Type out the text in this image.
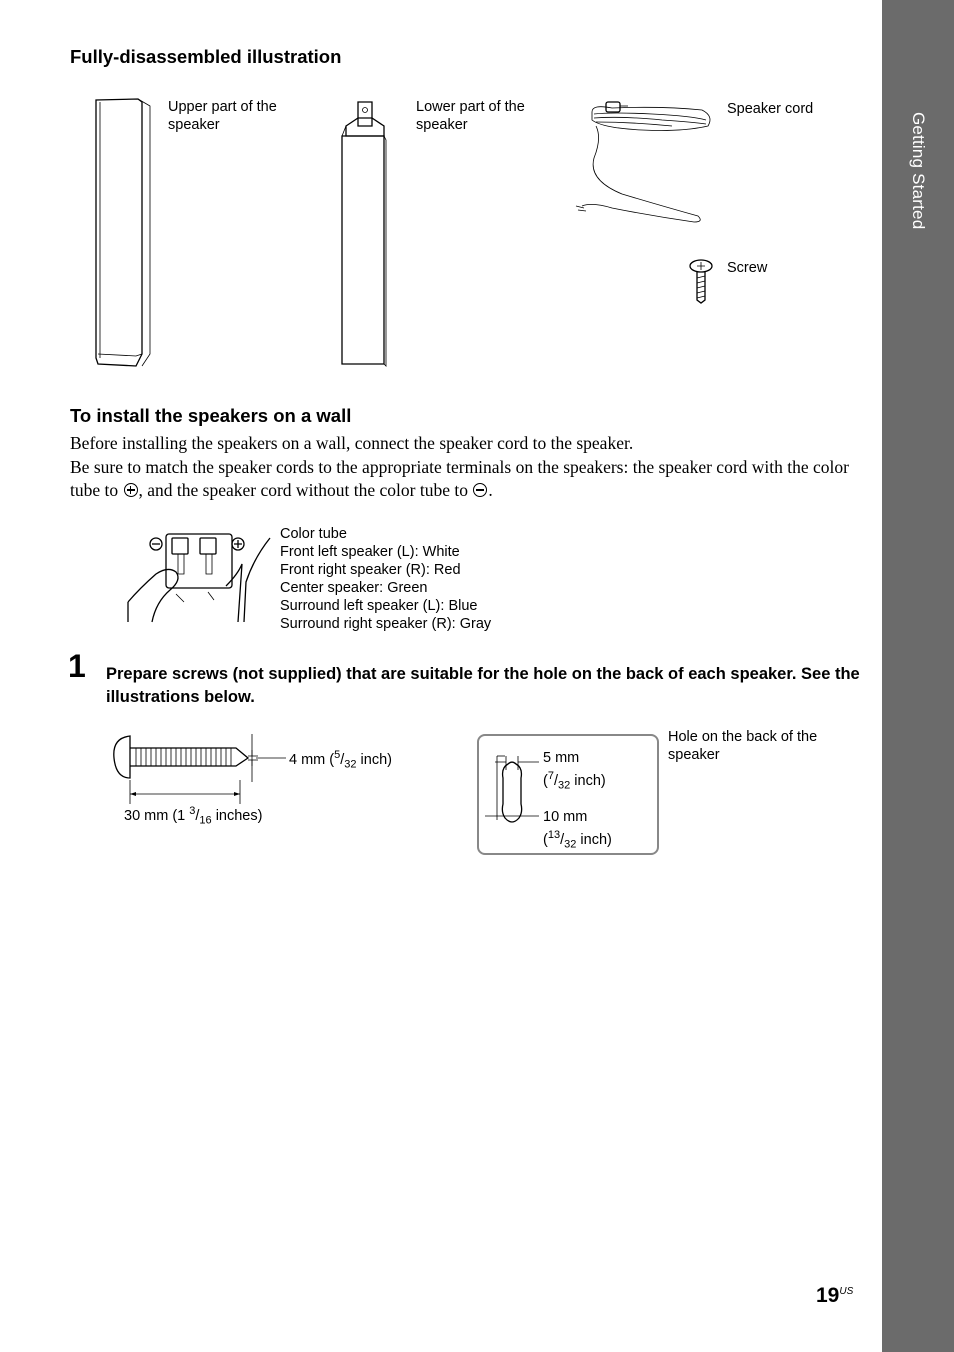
Getting Started
Fully-disassembled illustration
Upper part of the speaker
Lower part of the speaker
Speaker cord
Screw
To install the speakers on a wall

Before installing the speakers on a wall, connect the speaker cord to the speaker.

Be sure to match the speaker cords to the appropriate terminals on the speakers: the speaker cord with the color tube to , and the speaker cord without the color tube to .

Color tube
Front left speaker (L): White
Front right speaker (R): Red
Center speaker: Green
Surround left speaker (L): Blue
Surround right speaker (R): Gray
1 Prepare screws (not supplied) that are suitable for the hole on the back of each speaker. See the illustrations below.
4 mm ($^5/_{32}$ inch)
30 mm (1 $^3/_{16}$ inches)
5 mm
($^7/_{32}$ inch)
10 mm
($^{13}/_{32}$ inch)
Hole on the back of the speaker
$19^{US}$
